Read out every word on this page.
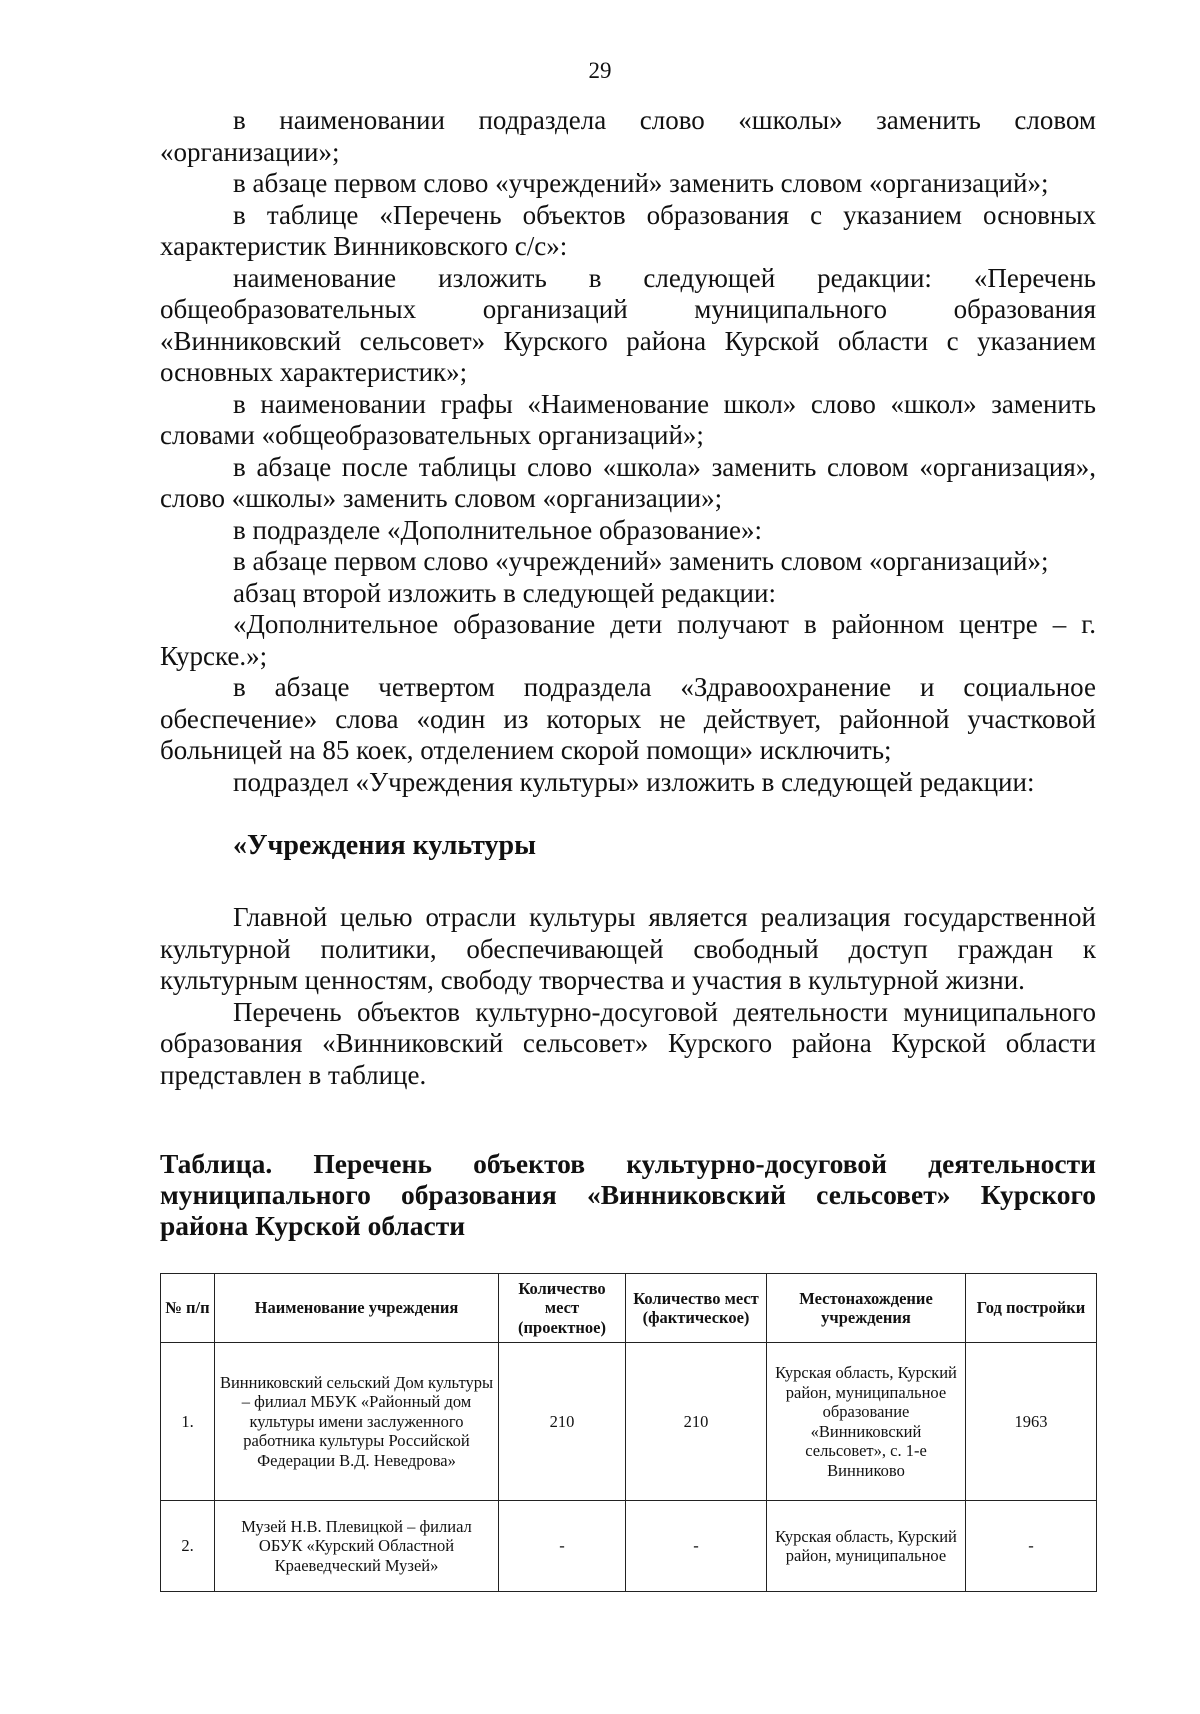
29

в наименовании подраздела слово «школы» заменить словом «организации»;

в абзаце первом слово «учреждений» заменить словом «организаций»;

в таблице «Перечень объектов образования с указанием основных характеристик Винниковского с/с»:

наименование изложить в следующей редакции: «Перечень общеобразовательных организаций муниципального образования «Винниковский сельсовет» Курского района Курской области с указанием основных характеристик»;

в наименовании графы «Наименование школ» слово «школ» заменить словами «общеобразовательных организаций»;

в абзаце после таблицы слово «школа» заменить словом «организация», слово «школы» заменить словом «организации»;

в подразделе «Дополнительное образование»:

в абзаце первом слово «учреждений» заменить словом «организаций»;

абзац второй изложить в следующей редакции:

«Дополнительное образование дети получают в районном центре – г. Курске.»;

в абзаце четвертом подраздела «Здравоохранение и социальное обеспечение» слова «один из которых не действует, районной участковой больницей на 85 коек, отделением скорой помощи» исключить;

подраздел «Учреждения культуры» изложить в следующей редакции:

«Учреждения культуры

Главной целью отрасли культуры является реализация государственной культурной политики, обеспечивающей свободный доступ граждан к культурным ценностям, свободу творчества и участия в культурной жизни.

Перечень объектов культурно-досуговой деятельности муниципального образования «Винниковский сельсовет» Курского района Курской области представлен в таблице.

Таблица. Перечень объектов культурно-досуговой деятельности муниципального образования «Винниковский сельсовет» Курского района Курской области
№ п/п	Наименование учреждения	Количество мест (проектное)	Количество мест (фактическое)	Местонахождение учреждения	Год постройки
1.	Винниковский сельский Дом культуры – филиал МБУК «Районный дом культуры имени заслуженного работника культуры Российской Федерации В.Д. Неведрова»	210	210	Курская область, Курский район, муниципальное образование «Винниковский сельсовет», с. 1-е Винниково	1963
2.	Музей Н.В. Плевицкой – филиал ОБУК «Курский Областной Краеведческий Музей»	-	-	Курская область, Курский район, муниципальное	-
